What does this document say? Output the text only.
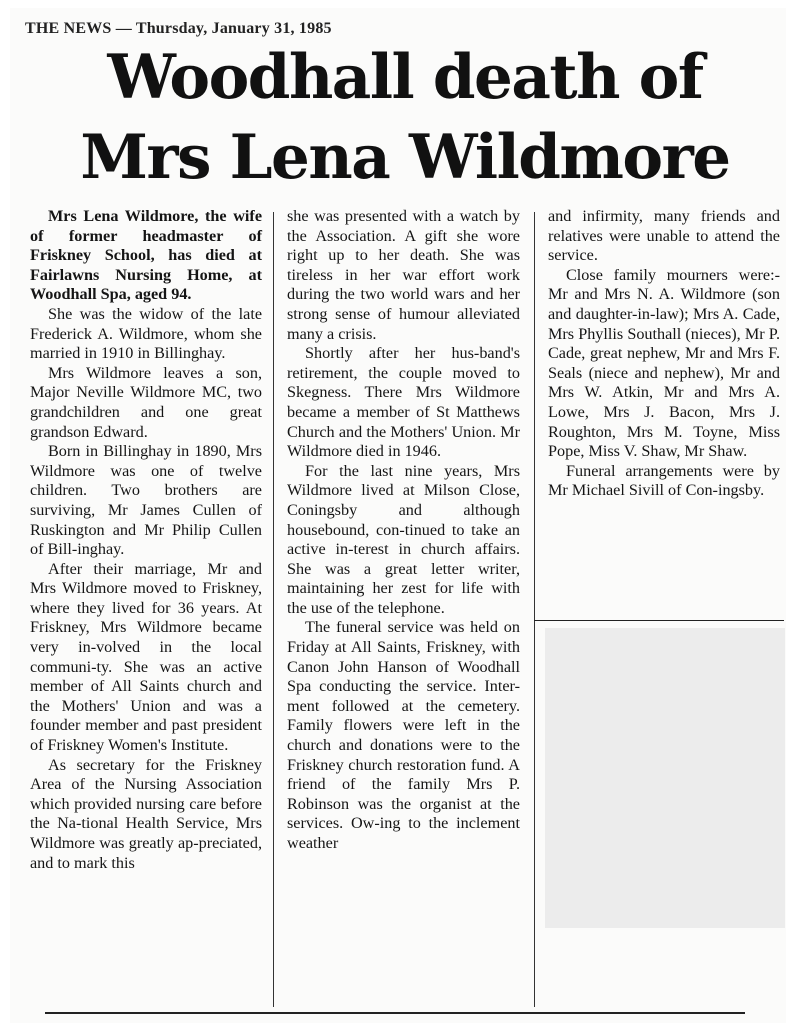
THE NEWS — Thursday, January 31, 1985
Woodhall death of
Mrs Lena Wildmore

Mrs Lena Wildmore, the wife of former headmaster of Friskney School, has died at Fairlawns Nursing Home, at Woodhall Spa, aged 94.

She was the widow of the late Frederick A. Wildmore, whom she married in 1910 in Billinghay.

Mrs Wildmore leaves a son, Major Neville Wildmore MC, two grandchildren and one great grandson Edward.

Born in Billinghay in 1890, Mrs Wildmore was one of twelve children. Two brothers are surviving, Mr James Cullen of Ruskington and Mr Philip Cullen of Bill-inghay.

After their marriage, Mr and Mrs Wildmore moved to Friskney, where they lived for 36 years. At Friskney, Mrs Wildmore became very in-volved in the local communi-ty. She was an active member of All Saints church and the Mothers' Union and was a founder member and past president of Friskney Women's Institute.

As secretary for the Friskney Area of the Nursing Association which provided nursing care before the Na-tional Health Service, Mrs Wildmore was greatly ap-preciated, and to mark this

she was presented with a watch by the Association. A gift she wore right up to her death. She was tireless in her war effort work during the two world wars and her strong sense of humour alleviated many a crisis.

Shortly after her hus-band's retirement, the couple moved to Skegness. There Mrs Wildmore became a member of St Matthews Church and the Mothers' Union. Mr Wildmore died in 1946.

For the last nine years, Mrs Wildmore lived at Milson Close, Coningsby and although housebound, con-tinued to take an active in-terest in church affairs. She was a great letter writer, maintaining her zest for life with the use of the telephone.

The funeral service was held on Friday at All Saints, Friskney, with Canon John Hanson of Woodhall Spa conducting the service. Inter-ment followed at the cemetery. Family flowers were left in the church and donations were to the Friskney church restoration fund. A friend of the family Mrs P. Robinson was the organist at the services. Ow-ing to the inclement weather

and infirmity, many friends and relatives were unable to attend the service.

Close family mourners were:- Mr and Mrs N. A. Wildmore (son and daughter-in-law); Mrs A. Cade, Mrs Phyllis Southall (nieces), Mr P. Cade, great nephew, Mr and Mrs F. Seals (niece and nephew), Mr and Mrs W. Atkin, Mr and Mrs A. Lowe, Mrs J. Bacon, Mrs J. Roughton, Mrs M. Toyne, Miss Pope, Miss V. Shaw, Mr Shaw.

Funeral arrangements were by Mr Michael Sivill of Con-ingsby.
